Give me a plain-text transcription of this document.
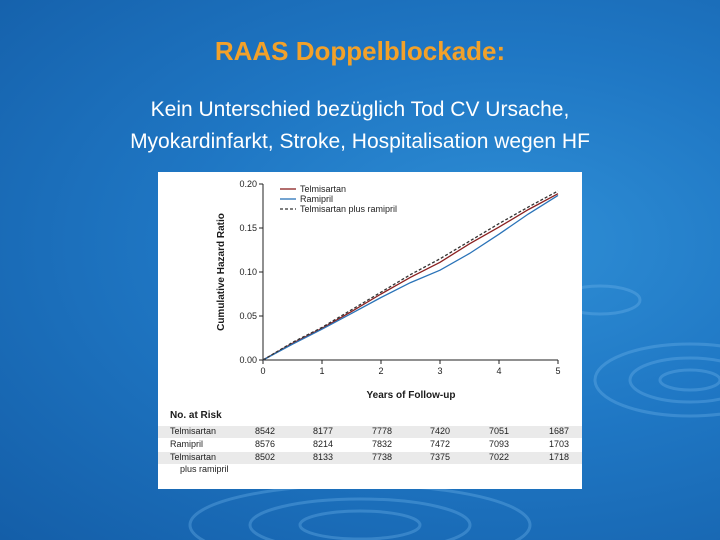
RAAS Doppelblockade:
Kein Unterschied bezüglich Tod CV Ursache,
Myokardinfarkt, Stroke, Hospitalisation wegen HF
0.00
0.05
0.10
0.15
0.20
0	1	2	3	4	5
Telmisartan
Ramipril
Telmisartan plus ramipril
Cumulative Hazard Ratio
Years of Follow-up
No. at Risk
Telmisartan	8542	8177	7778	7420	7051	1687
Ramipril	8576	8214	7832	7472	7093	1703
Telmisartan	8502	8133	7738	7375	7022	1718
plus ramipril
